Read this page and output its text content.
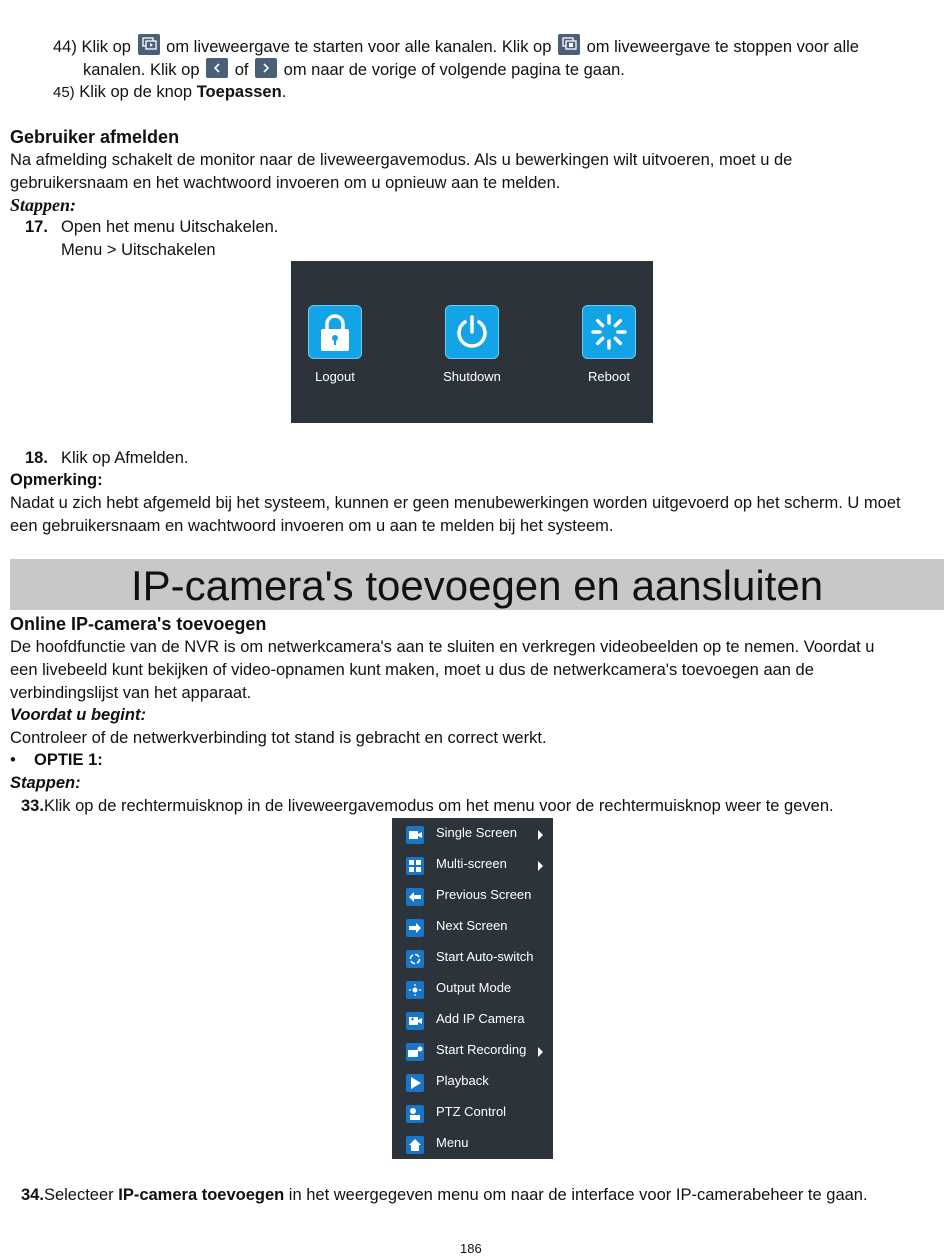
44) Klik op om liveweergave te starten voor alle kanalen. Klik op om liveweergave te stoppen voor alle
kanalen. Klik op of om naar de vorige of volgende pagina te gaan.
45) Klik op de knop Toepassen.
Gebruiker afmelden
Na afmelding schakelt de monitor naar de liveweergavemodus. Als u bewerkingen wilt uitvoeren, moet u de
gebruikersnaam en het wachtwoord invoeren om u opnieuw aan te melden.
Stappen:
17. Open het menu Uitschakelen.
Menu > Uitschakelen
Logout	Shutdown	Reboot
18. Klik op Afmelden.
Opmerking:
Nadat u zich hebt afgemeld bij het systeem, kunnen er geen menubewerkingen worden uitgevoerd op het scherm. U moet
een gebruikersnaam en wachtwoord invoeren om u aan te melden bij het systeem.
IP-camera's toevoegen en aansluiten
Online IP-camera's toevoegen
De hoofdfunctie van de NVR is om netwerkcamera's aan te sluiten en verkregen videobeelden op te nemen. Voordat u
een livebeeld kunt bekijken of video-opnamen kunt maken, moet u dus de netwerkcamera's toevoegen aan de
verbindingslijst van het apparaat.
Voordat u begint:
Controleer of de netwerkverbinding tot stand is gebracht en correct werkt.
• OPTIE 1:
Stappen:
33.Klik op de rechtermuisknop in de liveweergavemodus om het menu voor de rechtermuisknop weer te geven.
Single Screen
Multi-screen
Previous Screen
Next Screen
Start Auto-switch
Output Mode
Add IP Camera
Start Recording
Playback
PTZ Control
Menu
34.Selecteer IP-camera toevoegen in het weergegeven menu om naar de interface voor IP-camerabeheer te gaan.
186
